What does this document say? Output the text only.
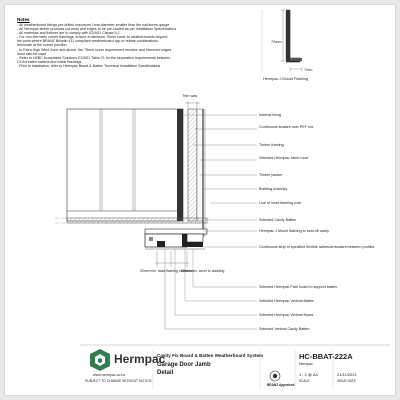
Notes
- All weatherboard fixings pre-drilled maximum 1mm diameter smaller than the nail/screw gauge
- All Hermpac timber products cut ends and edges to be pre-coated as per Installation Specifications
- All materials and fixtures are to comply with E2/AS1 Clause 5.2
- For non-Hermetic corner flashings, ensure a minimum 70mm cover to weatherboards beyond
the point where BRANZ Bulletin 411 compliant weatherboard cap or rebate combinations
terminate at the corner junction
- In Extra High Wind Zone and above, the 75mm cover requirement remains and Hemmed edges
must also be used
- Refer to NZBC Acceptable Solutions E2/AS1 Table 21 for the separation requirements between
CCA treated battens and metal flashings
- Prior to installation, refer to Hermpac Board & Batten Technical Installation Specifications
72mm
7mm
Hermpac J Mould Flashing
Trim was
20mm min. head flashing extension
10mm min. cover to cladding
Internal lining
Continuous sealant over PEF rod
Timber framing
Selected Hermpac Jamb Liner
Timber packer
Building underlay
Line of head flashing over
Selected Cavity Batten
Hermpac J Mould flashing to seal off cavity
Continuous strip of specified flexible adhesive/sealant between profiles
Selected Hermpac Park board to support batten
Selected Hermpac Vertical Batten
Selected Hermpac Vertical Board
Selected Vertical Cavity Batten
Hermpac
www.hermpac.co.nz
SUBJECT TO CHANGE WITHOUT NOTICE
Cavity Fix Board & Batten Weatherboard System
Garage Door Jamb
Detail
HC-BBAT-222A
Hermpac
BRANZ Appraised
1 : 2 @ A4
SCALE
21/11/2021
ISSUE DATE
